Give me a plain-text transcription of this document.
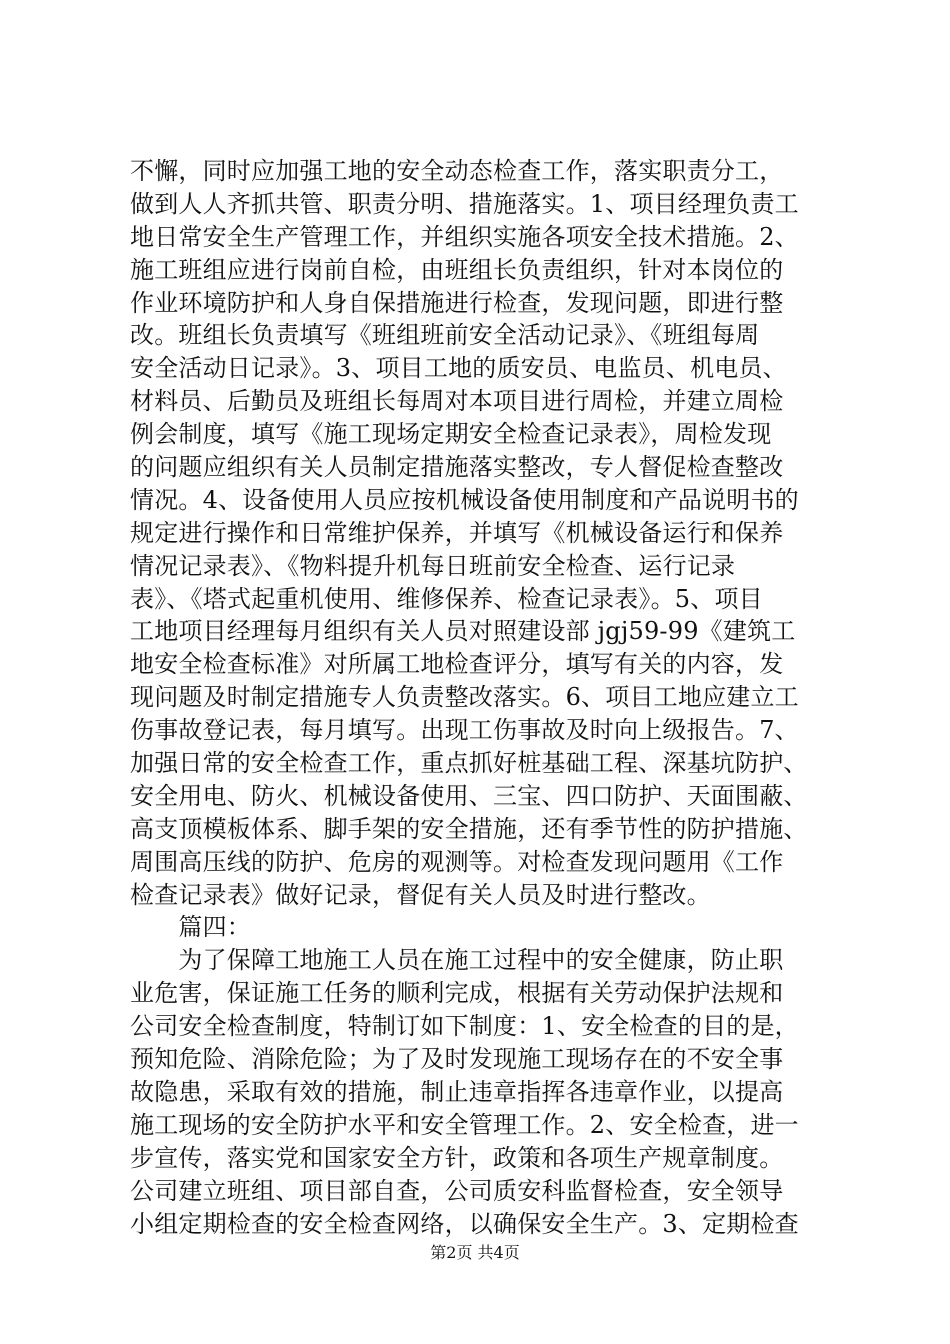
不懈，同时应加强工地的安全动态检查工作，落实职责分工，
做到人人齐抓共管、职责分明、措施落实。1、项目经理负责工
地日常安全生产管理工作，并组织实施各项安全技术措施。2、
施工班组应进行岗前自检，由班组长负责组织，针对本岗位的
作业环境防护和人身自保措施进行检查，发现问题，即进行整
改。班组长负责填写《班组班前安全活动记录》、《班组每周
安全活动日记录》。3、项目工地的质安员、电监员、机电员、
材料员、后勤员及班组长每周对本项目进行周检，并建立周检
例会制度，填写《施工现场定期安全检查记录表》，周检发现
的问题应组织有关人员制定措施落实整改，专人督促检查整改
情况。4、设备使用人员应按机械设备使用制度和产品说明书的
规定进行操作和日常维护保养，并填写《机械设备运行和保养
情况记录表》、《物料提升机每日班前安全检查、运行记录
表》、《塔式起重机使用、维修保养、检查记录表》。5、项目
工地项目经理每月组织有关人员对照建设部 jgj59-99《建筑工
地安全检查标准》对所属工地检查评分，填写有关的内容，发
现问题及时制定措施专人负责整改落实。6、项目工地应建立工
伤事故登记表，每月填写。出现工伤事故及时向上级报告。7、
加强日常的安全检查工作，重点抓好桩基础工程、深基坑防护、
安全用电、防火、机械设备使用、三宝、四口防护、天面围蔽、
高支顶模板体系、脚手架的安全措施，还有季节性的防护措施、
周围高压线的防护、危房的观测等。对检查发现问题用《工作
检查记录表》做好记录，督促有关人员及时进行整改。
　　篇四：
　　为了保障工地施工人员在施工过程中的安全健康，防止职
业危害，保证施工任务的顺利完成，根据有关劳动保护法规和
公司安全检查制度，特制订如下制度：1、安全检查的目的是，
预知危险、消除危险；为了及时发现施工现场存在的不安全事
故隐患，采取有效的措施，制止违章指挥各违章作业，以提高
施工现场的安全防护水平和安全管理工作。2、安全检查，进一
步宣传，落实党和国家安全方针，政策和各项生产规章制度。
公司建立班组、项目部自查，公司质安科监督检查，安全领导
小组定期检查的安全检查网络，以确保安全生产。3、定期检查
第2页 共4页
